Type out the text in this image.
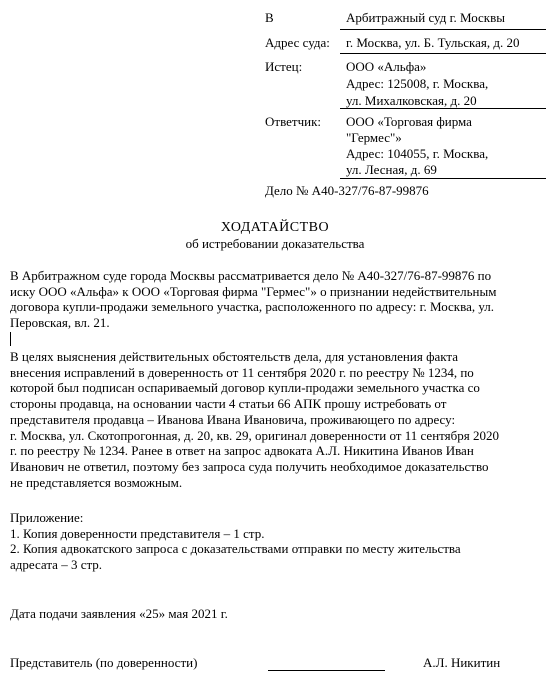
В	Арбитражный суд г. Москвы
Адрес суда: г. Москва, ул. Б. Тульская, д. 20
Истец:	ООО «Альфа»
Адрес: 125008, г. Москва,
ул. Михалковская, д. 20
Ответчик: ООО «Торговая фирма
"Гермес"»
Адрес: 104055, г. Москва,
ул. Лесная, д. 69
Дело № А40-327/76-87-99876
ХОДАТАЙСТВО
об истребовании доказательства
В Арбитражном суде города Москвы рассматривается дело № А40-327/76-87-99876 по
иску ООО «Альфа» к ООО «Торговая фирма "Гермес"» о признании недействительным
договора купли-продажи земельного участка, расположенного по адресу: г. Москва, ул.
Перовская, вл. 21.
В целях выяснения действительных обстоятельств дела, для установления факта
внесения исправлений в доверенность от 11 сентября 2020 г. по реестру № 1234, по
которой был подписан оспариваемый договор купли-продажи земельного участка со
стороны продавца, на основании части 4 статьи 66 АПК прошу истребовать от
представителя продавца – Иванова Ивана Ивановича, проживающего по адресу:
г. Москва, ул. Скотопрогонная, д. 20, кв. 29, оригинал доверенности от 11 сентября 2020
г. по реестру № 1234. Ранее в ответ на запрос адвоката А.Л. Никитина Иванов Иван
Иванович не ответил, поэтому без запроса суда получить необходимое доказательство
не представляется возможным.
Приложение:
1. Копия доверенности представителя – 1 стр.
2. Копия адвокатского запроса с доказательствами отправки по месту жительства
адресата – 3 стр.
Дата подачи заявления «25» мая 2021 г.
Представитель (по доверенности)	А.Л. Никитин
